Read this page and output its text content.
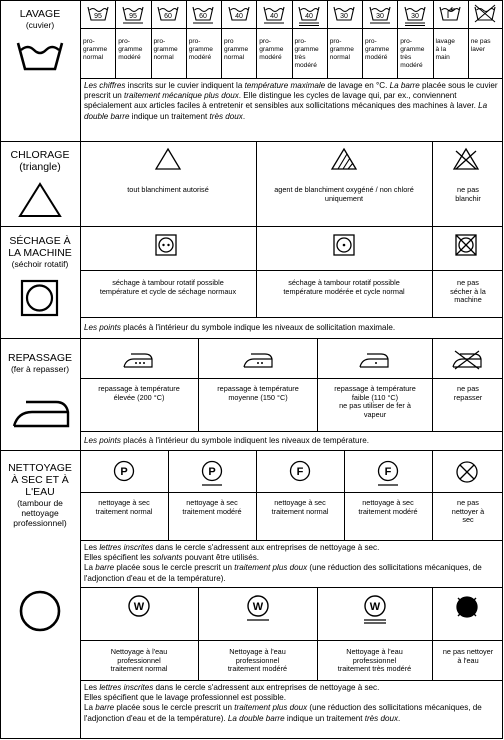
LAVAGE
(cuvier)
95
pro-
gramme
normal
95
pro-
gramme
modéré
60
pro-
gramme
normal
60
pro-
gramme
modéré
40
pro
gramme
normal
40
pro-
gramme
modéré
40
pro-
gramme
très
modéré
30
pro-
gramme
normal
30
pro-
gramme
modéré
30
pro-
gramme
très
modéré
lavage
à la
main
ne pas
laver
Les chiffres inscrits sur le cuvier indiquent la température maximale de lavage en °C. La barre placée sous le cuvier prescrit un traitement mécanique plus doux. Elle distingue les cycles de lavage qui, par ex., conviennent spécialement aux articles faciles à entretenir et sensibles aux sollicitations mécaniques des machines à laver. La double barre indique un traitement très doux.
CHLORAGE
(triangle)
tout blanchiment autorisé	agent de blanchiment oxygéné / non chloré uniquement
ne pas
blanchir
SÉCHAGE À
LA MACHINE
(séchoir rotatif)
séchage à tambour rotatif possible
température et cycle de séchage normaux
séchage à tambour rotatif possible
température modérée et cycle normal
ne pas
sécher à la
machine
Les points placés à l'intérieur du symbole indique les niveaux de sollicitation maximale.
REPASSAGE
(fer à repasser)
repassage à température
élevée (200 °C)
repassage à température
moyenne (150 °C)
repassage à température
faible (110 °C)
ne pas utiliser de fer à
vapeur
ne pas
repasser
Les points placés à l'intérieur du symbole indiquent les niveaux de température.
NETTOYAGE
À SEC ET À
L'EAU
(tambour de
nettoyage
professionnel)
P
nettoyage à sec
traitement normal
P
nettoyage à sec
traitement modéré
F
nettoyage à sec
traitement normal
F
nettoyage à sec
traitement modéré
ne pas
nettoyer à
sec
Les lettres inscrites dans le cercle s'adressent aux entreprises de nettoyage à sec.
Elles spécifient les solvants pouvant être utilisés.
La barre placée sous le cercle prescrit un traitement plus doux (une réduction des sollicitations mécaniques, de l'adjonction d'eau et de la température).
W
Nettoyage à l'eau
professionnel
traitement normal
W
Nettoyage à l'eau
professionnel
traitement modéré
W
Nettoyage à l'eau
professionnel
traitement très modéré
ne pas nettoyer
à l'eau
Les lettres inscrites dans le cercle s'adressent aux entreprises de nettoyage à sec.
Elles spécifient que le lavage professionnel est possible.
La barre placée sous le cercle prescrit un traitement plus doux (une réduction des sollicitations mécaniques, de l'adjonction d'eau et de la température). La double barre indique un traitement très doux.
